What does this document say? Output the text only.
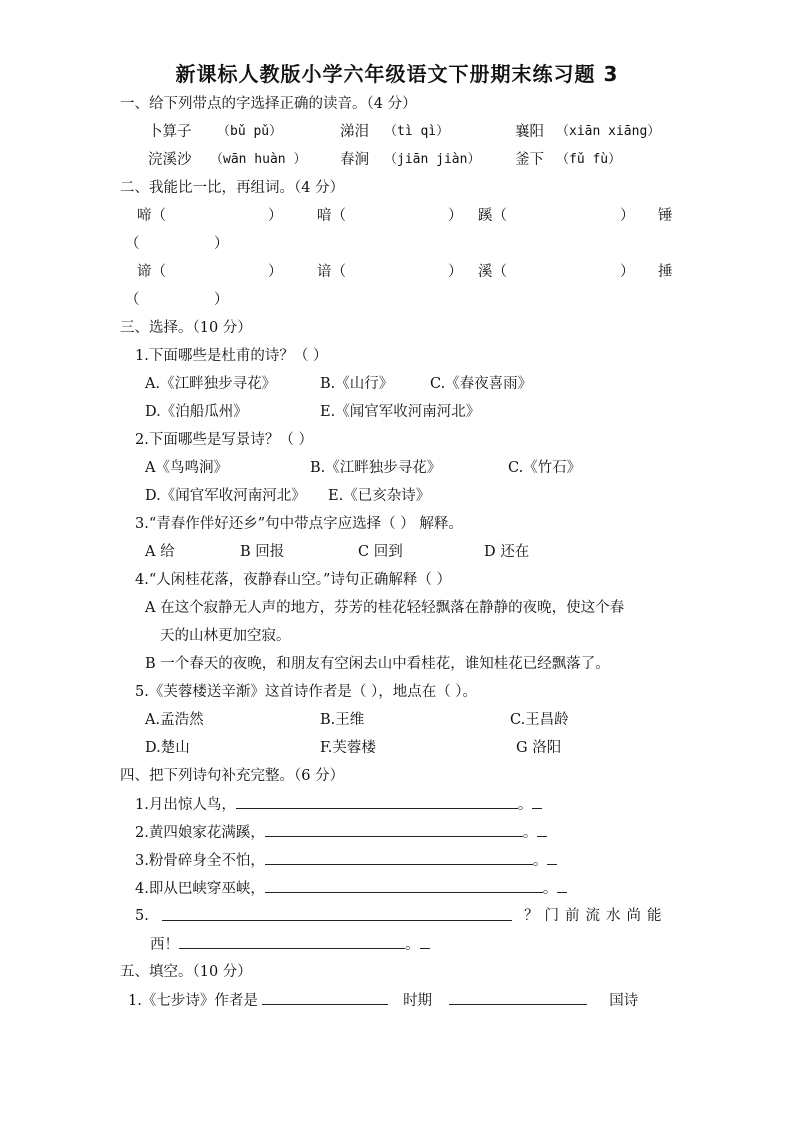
新课标人教版小学六年级语文下册期末练习题 3
一、给下列带点的字选择正确的读音。（4 分）
卜算子 （bǔ pǔ）	涕泪 （tì qì）	襄阳 （xiān xiāng）
浣溪沙 （wān huàn ） 春涧 （jiān jiàn） 釜下 （fǔ fù）
二、我能比一比，再组词。（4 分）
啼（	） 喑（	） 蹊（	） 锤
（	）
谛（	） 谙（	） 溪（	） 捶
（	）
三、选择。（10 分）
1.下面哪些是杜甫的诗？（ ）
A.《江畔独步寻花》	B.《山行》	C.《春夜喜雨》
D.《泊船瓜州》	E.《闻官军收河南河北》
2.下面哪些是写景诗？（ ）
A《鸟鸣涧》	B.《江畔独步寻花》	C.《竹石》
D.《闻官军收河南河北》 E.《已亥杂诗》
3.“青春作伴好还乡”句中带点字应选择（ ） 解释。
A 给	B 回报	C 回到	D 还在
4.“人闲桂花落，夜静春山空。”诗句正确解释（ ）
A 在这个寂静无人声的地方，芬芳的桂花轻轻飘落在静静的夜晚，使这个春
天的山林更加空寂。
B 一个春天的夜晚，和朋友有空闲去山中看桂花，谁知桂花已经飘落了。
5.《芙蓉楼送辛渐》这首诗作者是（ ），地点在（ ）。
A.孟浩然	B.王维	C.王昌龄
D.楚山	F.芙蓉楼	G 洛阳
四、把下列诗句补充完整。（6 分）
1.月出惊人鸟，	。
2.黄四娘家花满蹊，	。
3.粉骨碎身全不怕，	。
4.即从巴峡穿巫峡，	。
5.	？门前流水尚能
西！	。
五、填空。（10 分）
1.《七步诗》作者是	时期	国诗
